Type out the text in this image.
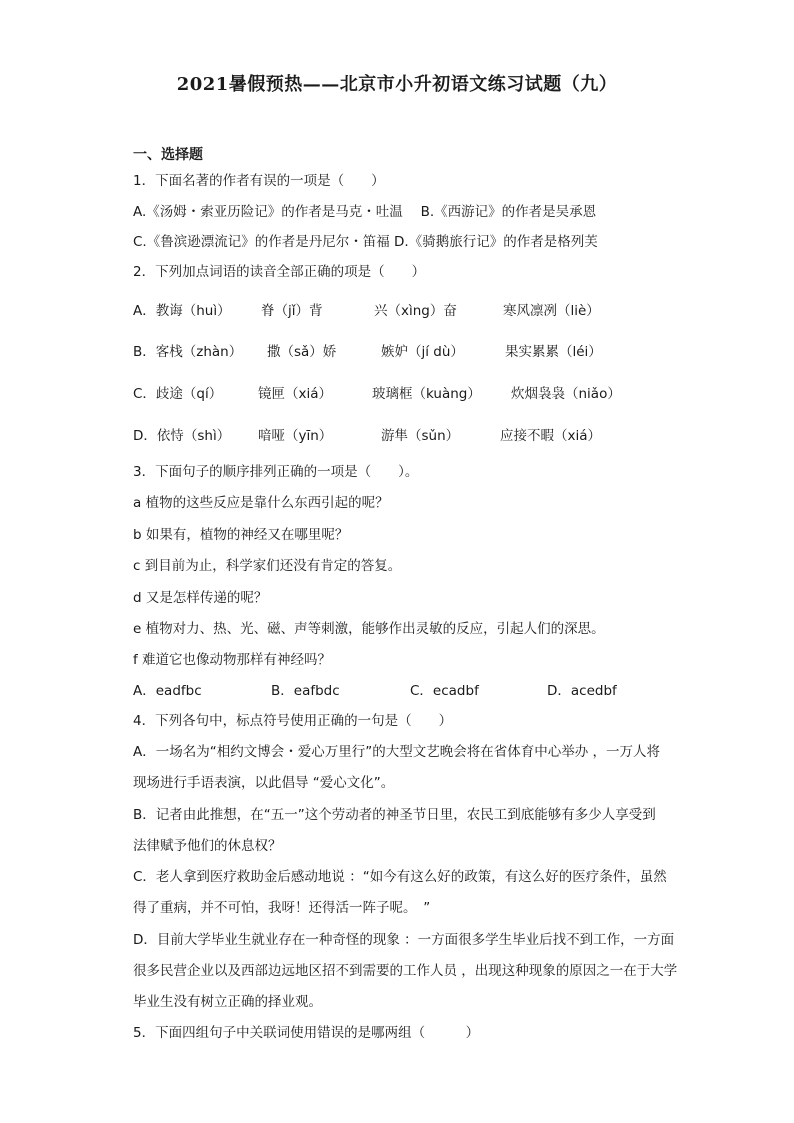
2021暑假预热——北京市小升初语文练习试题（九）
一、选择题
1．下面名著的作者有误的一项是（　　）
A.《汤姆・索亚历险记》的作者是马克・吐温　 B.《西游记》的作者是吴承恩
C.《鲁滨逊漂流记》的作者是丹尼尔・笛福 D.《骑鹅旅行记》的作者是格列芙
2．下列加点词语的读音全部正确的项是（　　）
A．教诲（huì） 脊（jǐ）背	兴（xìng）奋	寒风凛冽（liè）
B．客栈（zhàn） 撒（sǎ）娇	嫉妒（jí dù）	果实累累（léi）
C．歧途（qí）	镜匣（xiá）	玻璃框（kuàng） 炊烟袅袅（niǎo）
D．依恃（shì） 喑哑（yīn）	游隼（sǔn）	应接不暇（xiá）
3．下面句子的顺序排列正确的一项是（　　）。
a 植物的这些反应是靠什么东西引起的呢？
b 如果有，植物的神经又在哪里呢？
c 到目前为止，科学家们还没有肯定的答复。
d 又是怎样传递的呢？
e 植物对力、热、光、磁、声等刺激，能够作出灵敏的反应，引起人们的深思。
f 难道它也像动物那样有神经吗？
A．eadfbc	B．eafbdc	C．ecadbf	D．acedbf
4．下列各句中，标点符号使用正确的一句是（　　）
A．一场名为“相约文博会・爱心万里行”的大型文艺晚会将在省体育中心举办 ，一万人将
现场进行手语表演，以此倡导 “爱心文化”。
B．记者由此推想，在“五一”这个劳动者的神圣节日里，农民工到底能够有多少人享受到
法律赋予他们的休息权？
C．老人拿到医疗救助金后感动地说 ：“如今有这么好的政策，有这么好的医疗条件，虽然
得了重病，并不可怕，我呀！还得活一阵子呢。　”
D．目前大学毕业生就业存在一种奇怪的现象 ：一方面很多学生毕业后找不到工作，一方面
很多民营企业以及西部边远地区招不到需要的工作人员 ，出现这种现象的原因之一在于大学
毕业生没有树立正确的择业观。
5．下面四组句子中关联词使用错误的是哪两组（　　　）
